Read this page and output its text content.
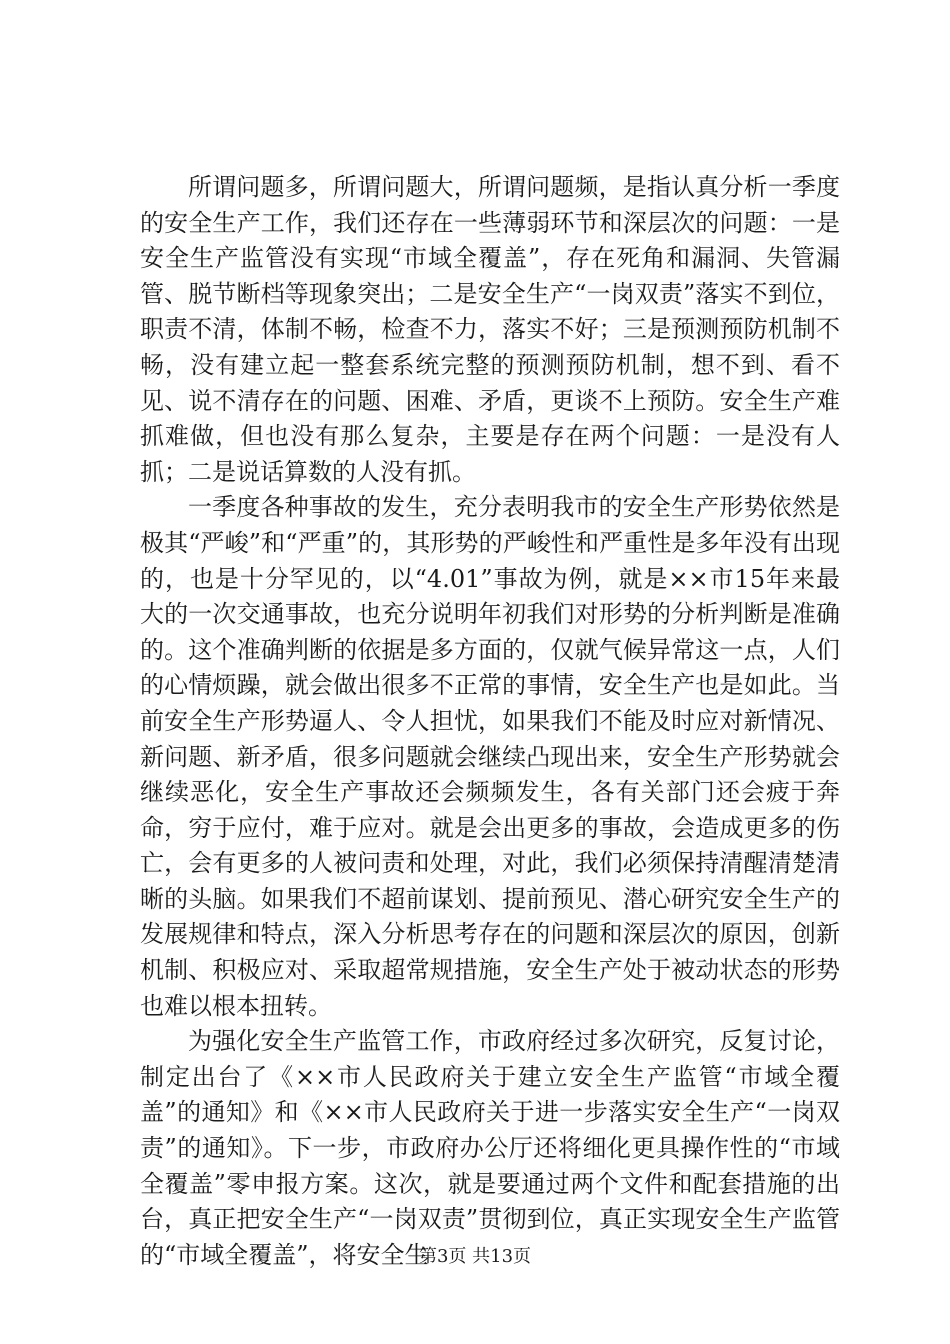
所谓问题多，所谓问题大，所谓问题频，是指认真分析一季度的安全生产工作，我们还存在一些薄弱环节和深层次的问题：一是安全生产监管没有实现“市域全覆盖”，存在死角和漏洞、失管漏管、脱节断档等现象突出；二是安全生产“一岗双责”落实不到位，职责不清，体制不畅，检查不力，落实不好；三是预测预防机制不畅，没有建立起一整套系统完整的预测预防机制，想不到、看不见、说不清存在的问题、困难、矛盾，更谈不上预防。安全生产难抓难做，但也没有那么复杂，主要是存在两个问题：一是没有人抓；二是说话算数的人没有抓。

一季度各种事故的发生，充分表明我市的安全生产形势依然是极其“严峻”和“严重”的，其形势的严峻性和严重性是多年没有出现的，也是十分罕见的，以“4.01”事故为例，就是××市15年来最大的一次交通事故，也充分说明年初我们对形势的分析判断是准确的。这个准确判断的依据是多方面的，仅就气候异常这一点，人们的心情烦躁，就会做出很多不正常的事情，安全生产也是如此。当前安全生产形势逼人、令人担忧，如果我们不能及时应对新情况、新问题、新矛盾，很多问题就会继续凸现出来，安全生产形势就会继续恶化，安全生产事故还会频频发生，各有关部门还会疲于奔命，穷于应付，难于应对。就是会出更多的事故，会造成更多的伤亡，会有更多的人被问责和处理，对此，我们必须保持清醒清楚清晰的头脑。如果我们不超前谋划、提前预见、潜心研究安全生产的发展规律和特点，深入分析思考存在的问题和深层次的原因，创新机制、积极应对、采取超常规措施，安全生产处于被动状态的形势也难以根本扭转。

为强化安全生产监管工作，市政府经过多次研究，反复讨论，制定出台了《××市人民政府关于建立安全生产监管“市域全覆盖”的通知》和《××市人民政府关于进一步落实安全生产“一岗双责”的通知》。下一步，市政府办公厅还将细化更具操作性的“市域全覆盖”零申报方案。这次，就是要通过两个文件和配套措施的出台，真正把安全生产“一岗双责”贯彻到位，真正实现安全生产监管的“市域全覆盖”，将安全生

第3页 共13页
